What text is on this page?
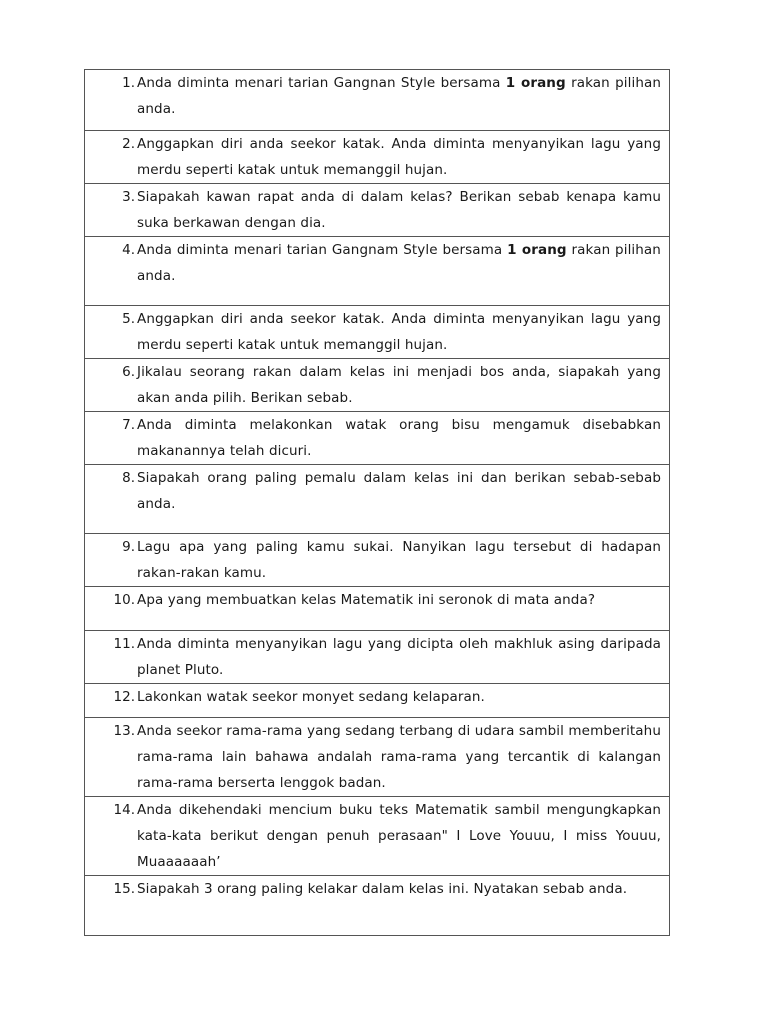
1. Anda diminta menari tarian Gangnan Style bersama 1 orang rakan pilihan anda.

2. Anggapkan diri anda seekor katak. Anda diminta menyanyikan lagu yang merdu seperti katak untuk memanggil hujan.

3. Siapakah kawan rapat anda di dalam kelas? Berikan sebab kenapa kamu suka berkawan dengan dia.

4. Anda diminta menari tarian Gangnam Style bersama 1 orang rakan pilihan anda.

5. Anggapkan diri anda seekor katak. Anda diminta menyanyikan lagu yang merdu seperti katak untuk memanggil hujan.

6. Jikalau seorang rakan dalam kelas ini menjadi bos anda, siapakah yang akan anda pilih. Berikan sebab.

7. Anda diminta melakonkan watak orang bisu mengamuk disebabkan makanannya telah dicuri.

8. Siapakah orang paling pemalu dalam kelas ini dan berikan sebab-sebab anda.

9. Lagu apa yang paling kamu sukai. Nanyikan lagu tersebut di hadapan rakan-rakan kamu.

10. Apa yang membuatkan kelas Matematik ini seronok di mata anda?

11. Anda diminta menyanyikan lagu yang dicipta oleh makhluk asing daripada planet Pluto.

12. Lakonkan watak seekor monyet sedang kelaparan.

13. Anda seekor rama-rama yang sedang terbang di udara sambil memberitahu rama-rama lain bahawa andalah rama-rama yang tercantik di kalangan rama-rama berserta lenggok badan.

14. Anda dikehendaki mencium buku teks Matematik sambil mengungkapkan kata-kata berikut dengan penuh perasaan" I Love Youuu, I miss Youuu, Muaaaaaah’

15. Siapakah 3 orang paling kelakar dalam kelas ini. Nyatakan sebab anda.
